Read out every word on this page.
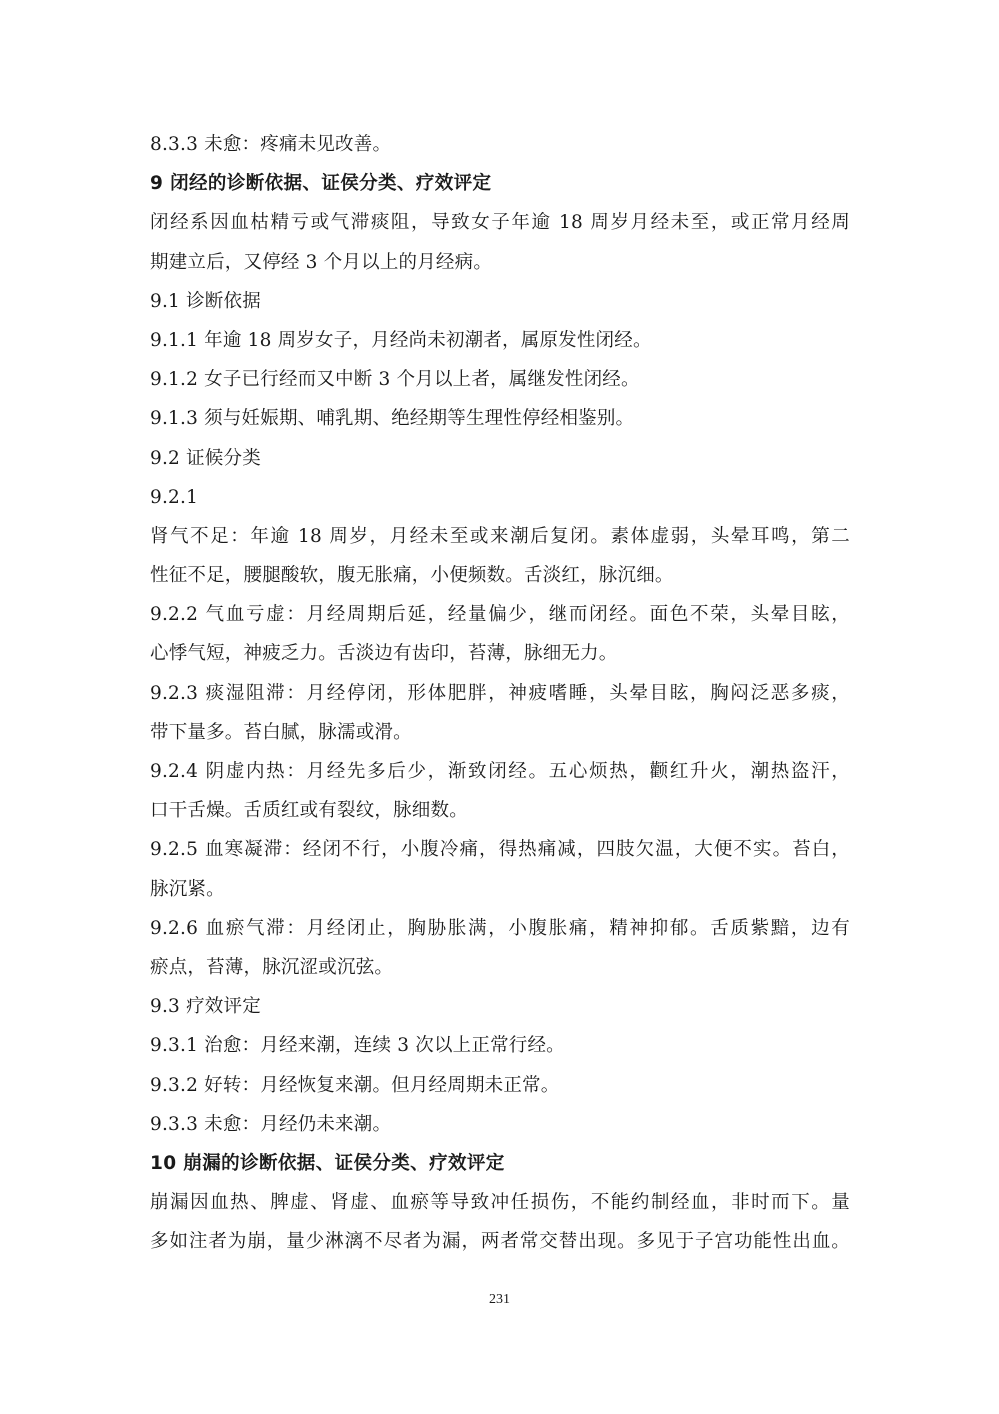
8.3.3 未愈：疼痛未见改善。
9 闭经的诊断依据、证侯分类、疗效评定
闭经系因血枯精亏或气滞痰阻，导致女子年逾 18 周岁月经未至，或正常月经周
期建立后，又停经 3 个月以上的月经病。
9.1 诊断依据
9.1.1 年逾 18 周岁女子，月经尚未初潮者，属原发性闭经。
9.1.2 女子已行经而又中断 3 个月以上者，属继发性闭经。
9.1.3 须与妊娠期、哺乳期、绝经期等生理性停经相鉴别。
9.2 证候分类
9.2.1
肾气不足：年逾 18 周岁，月经未至或来潮后复闭。素体虚弱，头晕耳鸣，第二
性征不足，腰腿酸软，腹无胀痛，小便频数。舌淡红，脉沉细。
9.2.2 气血亏虚：月经周期后延，经量偏少，继而闭经。面色不荣，头晕目眩，
心悸气短，神疲乏力。舌淡边有齿印，苔薄，脉细无力。
9.2.3 痰湿阻滞：月经停闭，形体肥胖，神疲嗜睡，头晕目眩，胸闷泛恶多痰，
带下量多。苔白腻，脉濡或滑。
9.2.4 阴虚内热：月经先多后少，渐致闭经。五心烦热，颧红升火，潮热盗汗，
口干舌燥。舌质红或有裂纹，脉细数。
9.2.5 血寒凝滞：经闭不行，小腹冷痛，得热痛减，四肢欠温，大便不实。苔白，
脉沉紧。
9.2.6 血瘀气滞：月经闭止，胸胁胀满，小腹胀痛，精神抑郁。舌质紫黯，边有
瘀点，苔薄，脉沉涩或沉弦。
9.3 疗效评定
9.3.1 治愈：月经来潮，连续 3 次以上正常行经。
9.3.2 好转：月经恢复来潮。但月经周期未正常。
9.3.3 未愈：月经仍未来潮。
10 崩漏的诊断依据、证侯分类、疗效评定
崩漏因血热、脾虚、肾虚、血瘀等导致冲任损伤，不能约制经血，非时而下。量
多如注者为崩，量少淋漓不尽者为漏，两者常交替出现。多见于子宫功能性出血。
231
